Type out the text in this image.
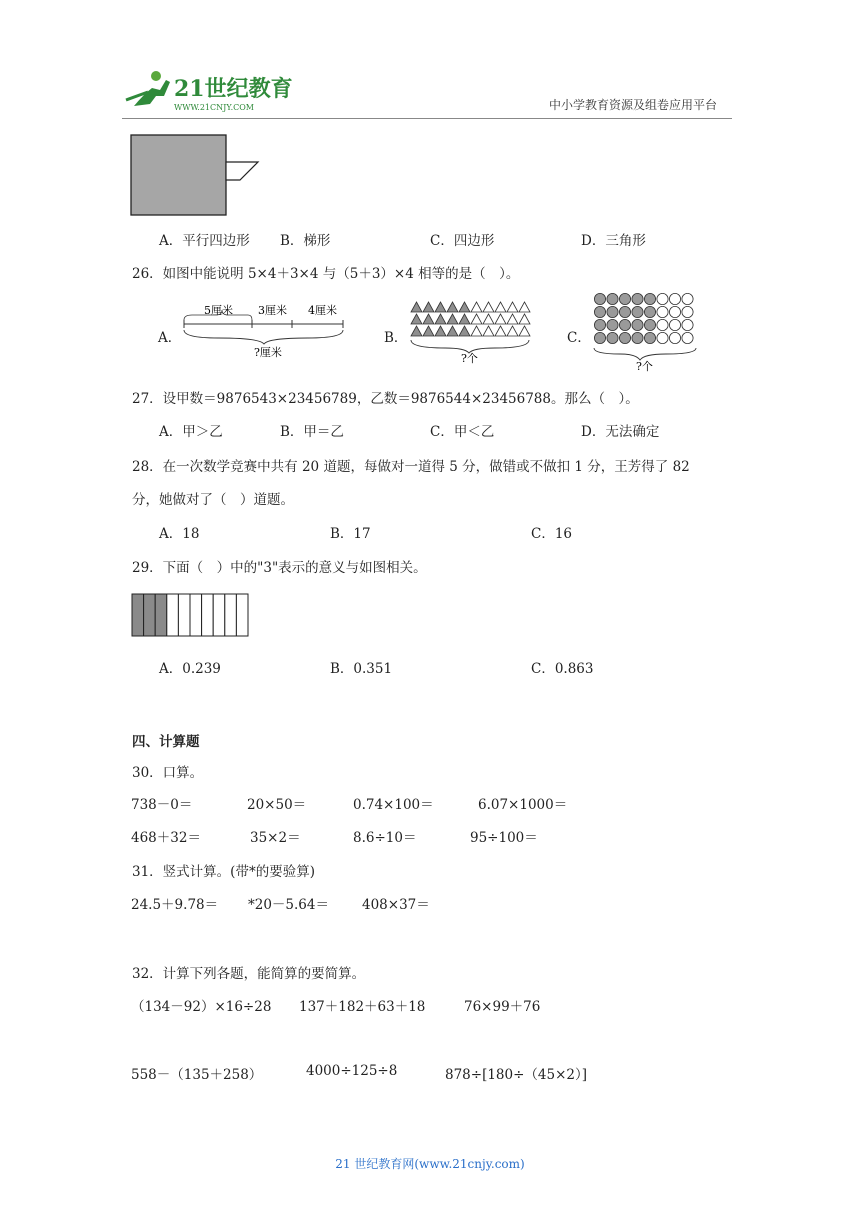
21世纪教育
WWW.21CNJY.COM	中小学教育资源及组卷应用平台
A．平行四边形 B．梯形	C．四边形	D．三角形
26．如图中能说明 5×4＋3×4 与（5＋3）×4 相等的是（　）。
A．
5厘米 3厘米 4厘米
?厘米
B．
?个
C．
?个
27．设甲数＝9876543×23456789，乙数＝9876544×23456788。那么（　）。
A．甲＞乙	B．甲＝乙	C．甲＜乙	D．无法确定
28．在一次数学竞赛中共有 20 道题，每做对一道得 5 分，做错或不做扣 1 分，王芳得了 82
分，她做对了（　）道题。
A．18	B．17	C．16
29．下面（　）中的"3"表示的意义与如图相关。
A．0.239	B．0.351	C．0.863
四、计算题
30．口算。
738－0＝	20×50＝	0.74×100＝	6.07×1000＝
468＋32＝	35×2＝	8.6÷10＝	95÷100＝
31．竖式计算。(带*的要验算)
24.5＋9.78＝ *20－5.64＝ 408×37＝
32．计算下列各题，能简算的要简算。
（134－92）×16÷28 137＋182＋63＋18	76×99＋76
558－（135＋258）	4000÷125÷8	878÷[180÷（45×2）]
21 世纪教育网(www.21cnjy.com)
